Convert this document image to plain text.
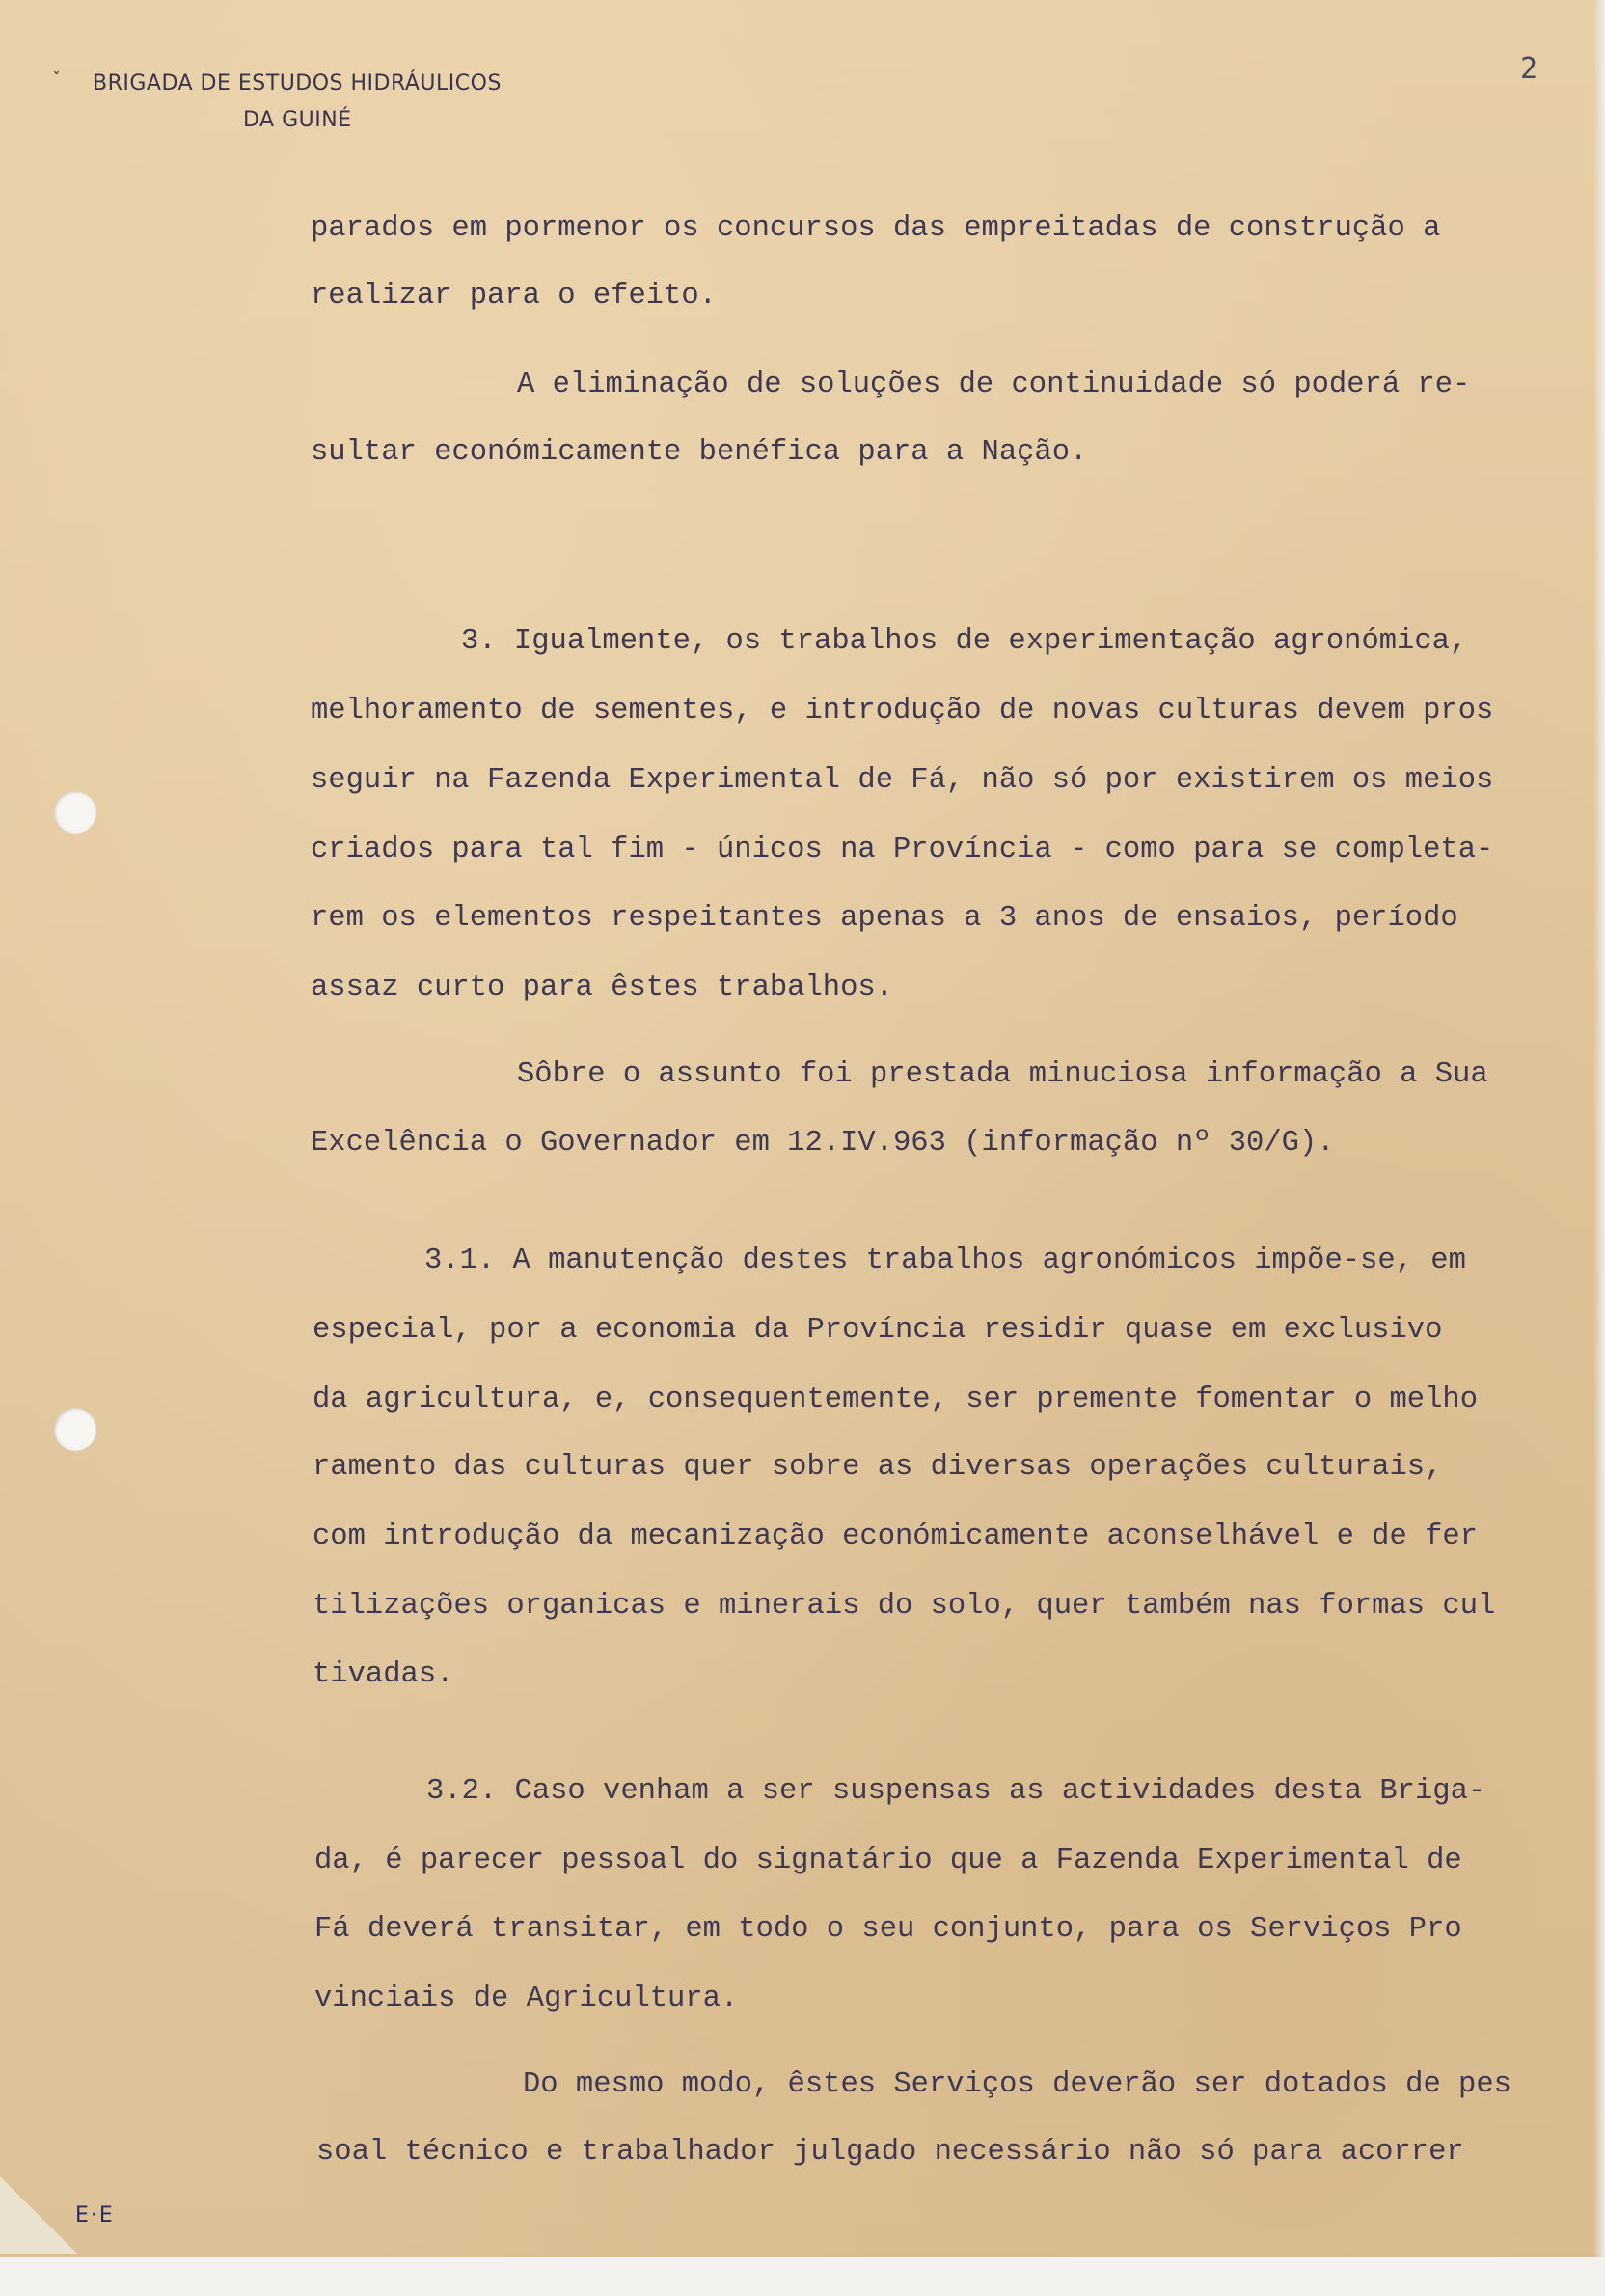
ˇ BRIGADA DE ESTUDOS HIDRÁULICOS
DA GUINÉ
2
parados em pormenor os concursos das empreitadas de construção a
realizar para o efeito.
A eliminação de soluções de continuidade só poderá re-
sultar económicamente benéfica para a Nação.
3. Igualmente, os trabalhos de experimentação agronómica,
melhoramento de sementes, e introdução de novas culturas devem pros
seguir na Fazenda Experimental de Fá, não só por existirem os meios
criados para tal fim - únicos na Província - como para se completa-
rem os elementos respeitantes apenas a 3 anos de ensaios, período
assaz curto para êstes trabalhos.
Sôbre o assunto foi prestada minuciosa informação a Sua
Excelência o Governador em 12.IV.963 (informação nº 30/G).
3.1. A manutenção destes trabalhos agronómicos impõe-se, em
especial, por a economia da Província residir quase em exclusivo
da agricultura, e, consequentemente, ser premente fomentar o melho
ramento das culturas quer sobre as diversas operações culturais,
com introdução da mecanização económicamente aconselhável e de fer
tilizações organicas e minerais do solo, quer também nas formas cul
tivadas.
3.2. Caso venham a ser suspensas as actividades desta Briga-
da, é parecer pessoal do signatário que a Fazenda Experimental de
Fá deverá transitar, em todo o seu conjunto, para os Serviços Pro
vinciais de Agricultura.
Do mesmo modo, êstes Serviços deverão ser dotados de pes
soal técnico e trabalhador julgado necessário não só para acorrer
E·E
